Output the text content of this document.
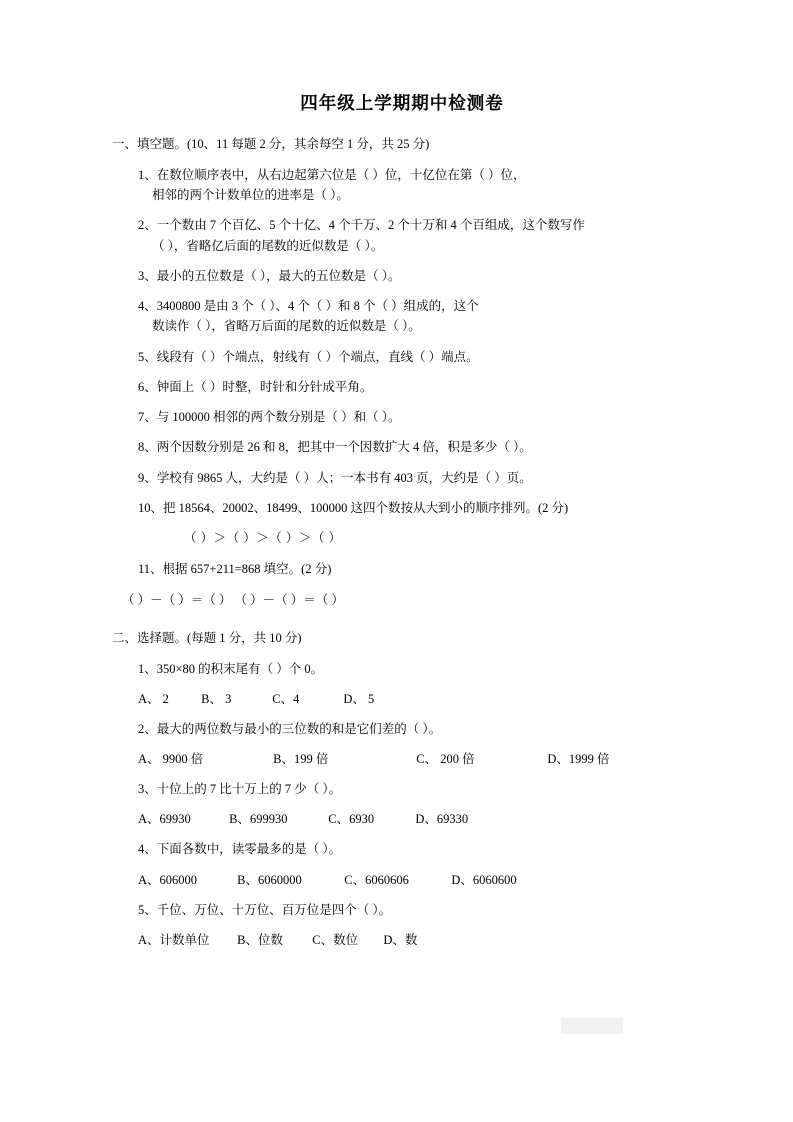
四年级上学期期中检测卷
一、填空题。(10、11 每题 2 分，其余每空 1 分，共 25 分)
1、在数位顺序表中，从右边起第六位是（ ）位，十亿位在第（ ）位，
相邻的两个计数单位的进率是（ ）。
2、一个数由 7 个百亿、5 个十亿、4 个千万、2 个十万和 4 个百组成，这个数写作
（ ），省略亿后面的尾数的近似数是（ ）。
3、最小的五位数是（ ），最大的五位数是（ ）。
4、3400800 是由 3 个（ ）、4 个（ ）和 8 个（ ）组成的，这个
数读作（ ），省略万后面的尾数的近似数是（ ）。
5、线段有（ ）个端点，射线有（ ）个端点，直线（ ）端点。
6、钟面上（ ）时整，时针和分针成平角。
7、与 100000 相邻的两个数分别是（ ）和（ ）。
8、两个因数分别是 26 和 8，把其中一个因数扩大 4 倍，积是多少（ ）。
9、学校有 9865 人，大约是（ ）人；一本书有 403 页，大约是（ ）页。
10、把 18564、20002、18499、100000 这四个数按从大到小的顺序排列。(2 分)
（ ）＞（ ）＞（ ）＞（ ）
11、根据 657+211=868 填空。(2 分)
（ ）－（ ）＝（ ） （ ）－（ ）＝（ ）
二、选择题。(每题 1 分，共 10 分)
1、350×80 的积末尾有（ ）个 0。
A、 2	B、 3	C、4	D、 5
2、最大的两位数与最小的三位数的和是它们差的（ ）。
A、 9900 倍	B、199 倍	C、 200 倍	D、1999 倍
3、十位上的 7 比十万上的 7 少（ ）。
A、69930	B、699930	C、6930	D、69330
4、下面各数中，读零最多的是（ ）。
A、606000	B、6060000	C、6060606	D、6060600
5、千位、万位、十万位、百万位是四个（ ）。
A、计数单位 B、位数 C、数位 D、数
